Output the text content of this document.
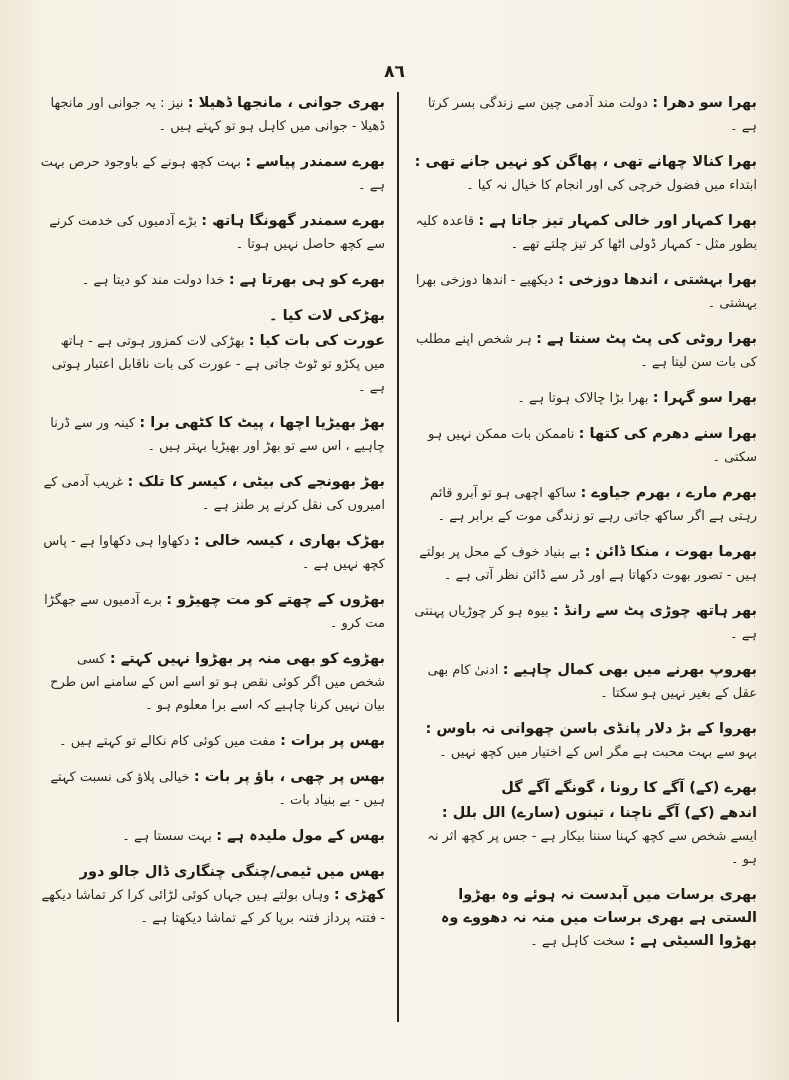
٨٦
بھرا سو دھرا : دولت مند آدمی چین سے زندگی بسر کرتا ہے ۔
بھرا کنالا چھانے تھی ، پھاگن کو نہیں جانے تھی : ابتداء میں فضول خرچی کی اور انجام کا خیال نہ کیا ۔
بھرا کمہار اور خالی کمہار تیز جاتا ہے : قاعدہ کلیہ بطور مثل - کمہار ڈولی اٹھا کر تیز چلتے تھے ۔
بھرا بہشتی ، اندھا دوزخی : دیکھیے - اندھا دوزخی بھرا بہشتی ۔
بھرا روٹی کی پٹ پٹ سنتا ہے : ہر شخص اپنے مطلب کی بات سن لیتا ہے ۔
بھرا سو گہرا : بھرا بڑا چالاک ہوتا ہے ۔
بھرا سنے دھرم کی کتھا : ناممکن بات ممکن نہیں ہو سکتی ۔
بھرم مارے ، بھرم جیاوے : ساکھ اچھی ہو تو آبرو قائم رہتی ہے اگر ساکھ جاتی رہے تو زندگی موت کے برابر ہے ۔
بھرما بھوت ، منکا ڈائن : بے بنیاد خوف کے محل پر بولتے ہیں - تصور بھوت دکھاتا ہے اور ڈر سے ڈائن نظر آتی ہے ۔
بھر ہاتھ چوڑی پٹ سے رانڈ : بیوہ ہو کر چوڑیاں پہنتی ہے ۔
بھروپ بھرنے میں بھی کمال چاہیے : ادنیٰ کام بھی عقل کے بغیر نہیں ہو سکتا ۔
بھروا کے بڑ دلار پانڈی باسن چھوانی نہ باوس : بہو سے بہت محبت ہے مگر اس کے اختیار میں کچھ نہیں ۔
بھرے (کے) آگے کا رونا ، گونگے آگے گل
اندھے (کے) آگے ناچنا ، تینوں (سارے) الل بلل : ایسے شخص سے کچھ کہنا سننا بیکار ہے - جس پر کچھ اثر نہ ہو ۔
بھری برسات میں آبدست نہ ہوئے وہ بھڑوا الستی ہے بھری برسات میں منہ نہ دھووے وہ بھڑوا السیٹی ہے : سخت کاہل ہے ۔
بھری جوانی ، مانجھا ڈھیلا : نیز : یہ جوانی اور مانجھا ڈھیلا - جوانی میں کاہل ہو تو کہتے ہیں ۔
بھرے سمندر پیاسے : بہت کچھ ہونے کے باوجود حرص بہت ہے ۔
بھرے سمندر گھونگا ہاتھ : بڑے آدمیوں کی خدمت کرنے سے کچھ حاصل نہیں ہوتا ۔
بھرے کو ہی بھرتا ہے : خدا دولت مند کو دیتا ہے ۔
بھڑکی لات کیا ۔
عورت کی بات کیا : بھڑکی لات کمزور ہوتی ہے - ہاتھ میں پکڑو تو ٹوٹ جاتی ہے - عورت کی بات ناقابل اعتبار ہوتی ہے ۔
بھڑ بھیڑیا اچھا ، پیٹ کا کٹھی برا : کینہ ور سے ڈرنا چاہیے ، اس سے تو بھڑ اور بھیڑیا بہتر ہیں ۔
بھڑ بھونجے کی بیٹی ، کیسر کا تلک : غریب آدمی کے امیروں کی نقل کرنے پر طنز ہے ۔
بھڑک بھاری ، کیسہ خالی : دکھاوا ہی دکھاوا ہے - پاس کچھ نہیں ہے ۔
بھڑوں کے چھتے کو مت چھیڑو : برے آدمیوں سے جھگڑا مت کرو ۔
بھڑوے کو بھی منہ پر بھڑوا نہیں کہتے : کسی شخص میں اگر کوئی نقص ہو تو اسے اس کے سامنے اس طرح بیان نہیں کرنا چاہیے کہ اسے برا معلوم ہو ۔
بھس پر برات : مفت میں کوئی کام نکالے تو کہتے ہیں ۔
بھس پر چھی ، باؤ پر بات : خیالی پلاؤ کی نسبت کہتے ہیں - بے بنیاد بات ۔
بھس کے مول ملیدہ ہے : بہت سستا ہے ۔
بھس میں ٹیمی/چنگی چنگاری ڈال جالو دور کھڑی : وہاں بولتے ہیں جہاں کوئی لڑائی کرا کر تماشا دیکھے - فتنہ پرداز فتنہ برپا کر کے تماشا دیکھتا ہے ۔
